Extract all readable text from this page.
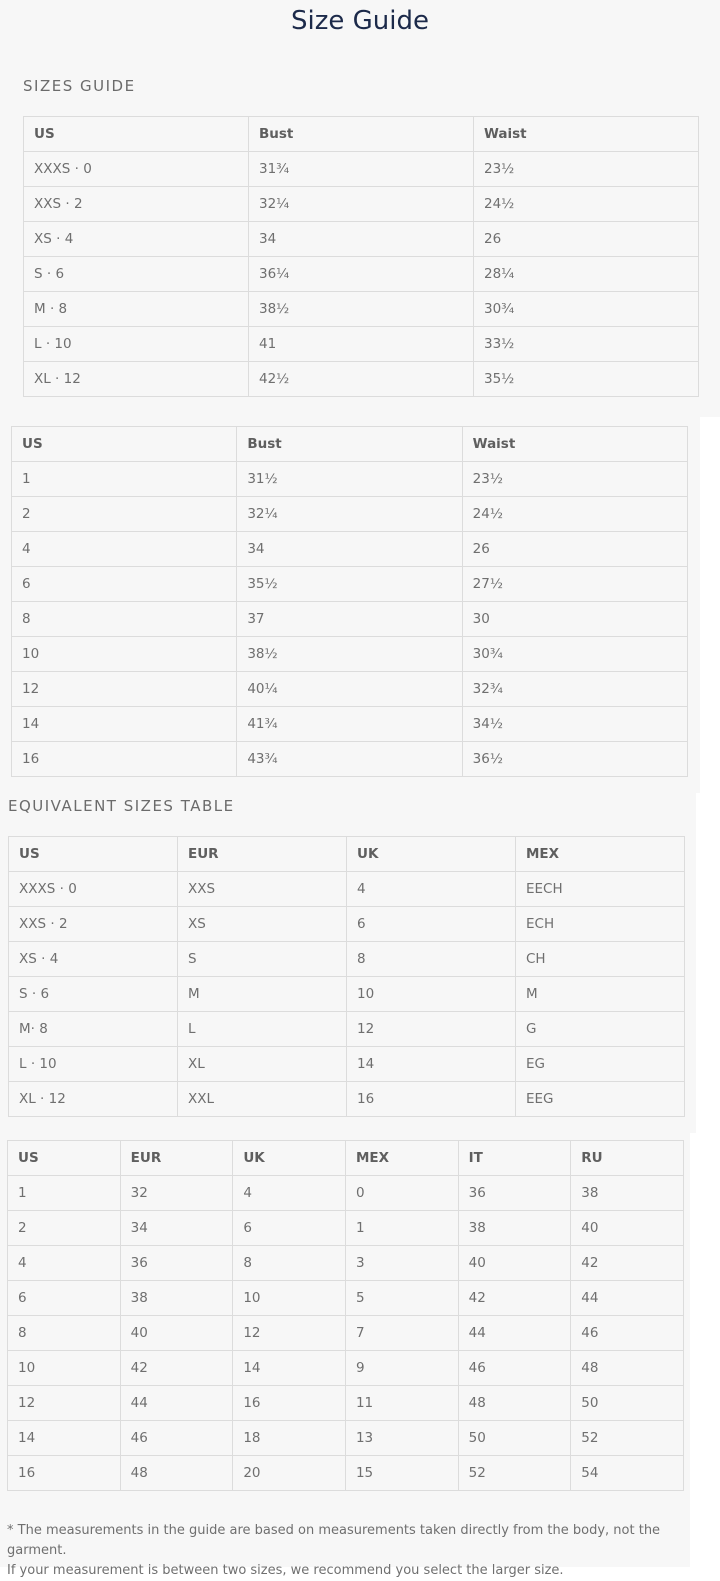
Size Guide
SIZES GUIDE
US	Bust	Waist
XXXS · 0	31¾	23½
XXS · 2	32¼	24½
XS · 4	34	26
S · 6	36¼	28¼
M · 8	38½	30¾
L · 10	41	33½
XL · 12	42½	35½
US	Bust	Waist
1	31½	23½
2	32¼	24½
4	34	26
6	35½	27½
8	37	30
10	38½	30¾
12	40¼	32¾
14	41¾	34½
16	43¾	36½
EQUIVALENT SIZES TABLE
US	EUR	UK	MEX
XXXS · 0	XXS	4	EECH
XXS · 2	XS	6	ECH
XS · 4	S	8	CH
S · 6	M	10	M
M· 8	L	12	G
L · 10	XL	14	EG
XL · 12	XXL	16	EEG
US	EUR	UK	MEX	IT	RU
1	32	4	0	36	38
2	34	6	1	38	40
4	36	8	3	40	42
6	38	10	5	42	44
8	40	12	7	44	46
10	42	14	9	46	48
12	44	16	11	48	50
14	46	18	13	50	52
16	48	20	15	52	54

* The measurements in the guide are based on measurements taken directly from the body, not the garment.
If your measurement is between two sizes, we recommend you select the larger size.
